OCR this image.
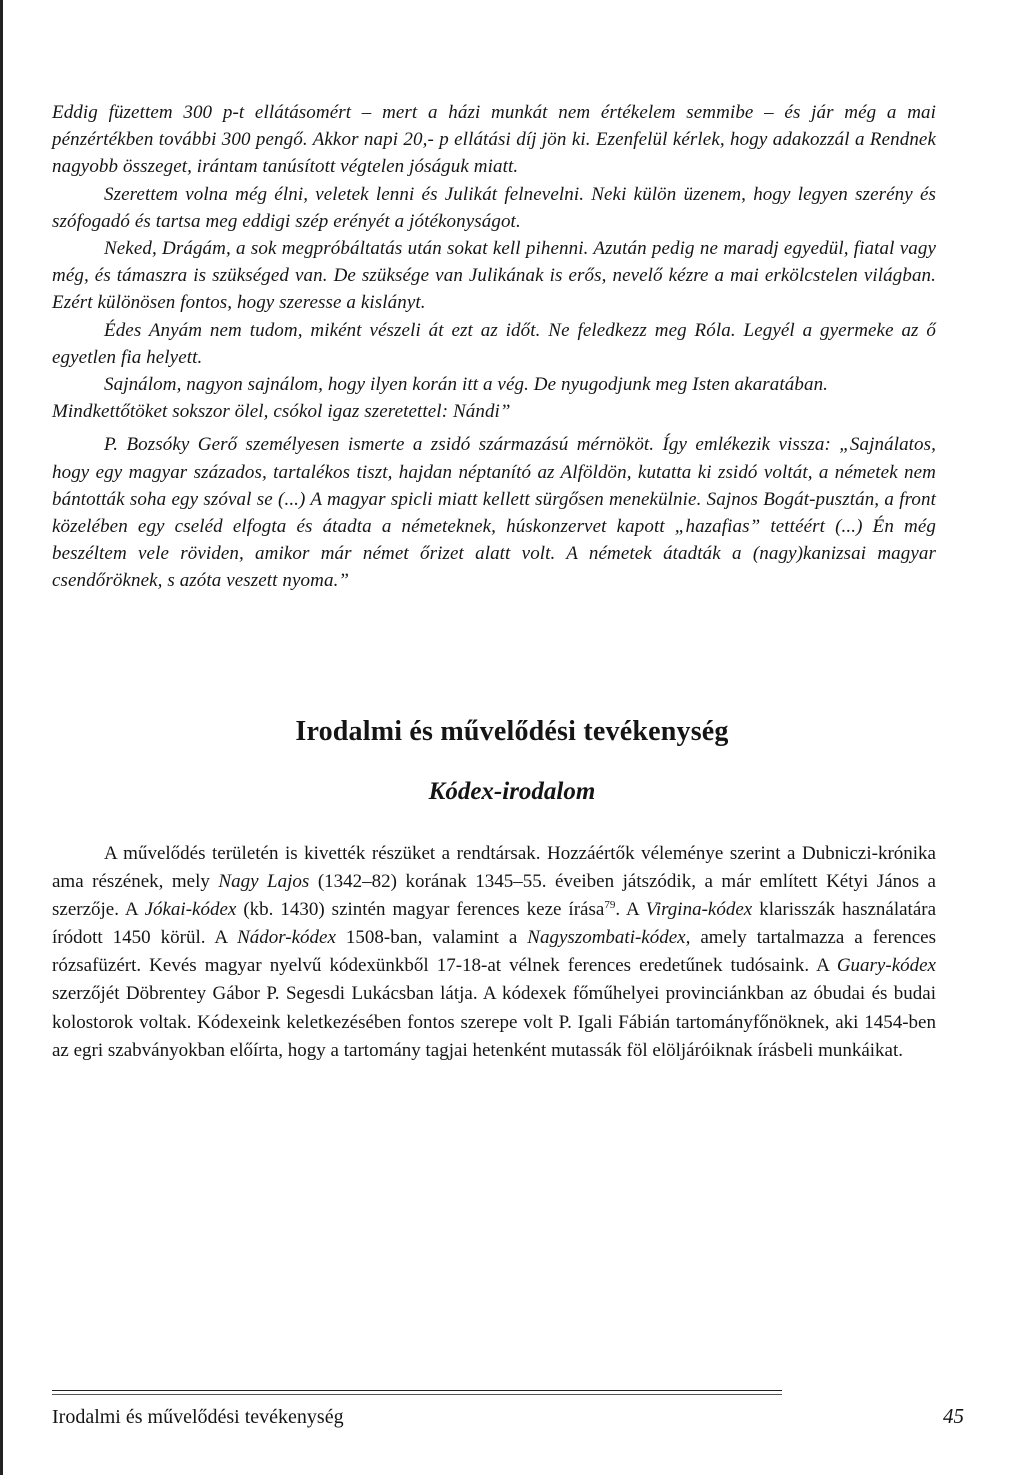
Eddig füzettem 300 p-t ellátásomért – mert a házi munkát nem értékelem semmibe – és jár még a mai pénzértékben további 300 pengő. Akkor napi 20,- p ellátási díj jön ki. Ezenfelül kérlek, hogy adakozzál a Rendnek nagyobb összeget, irántam tanúsított végtelen jóságuk miatt.

Szerettem volna még élni, veletek lenni és Julikát felnevelni. Neki külön üzenem, hogy legyen szerény és szófogadó és tartsa meg eddigi szép erényét a jótékonyságot.

Neked, Drágám, a sok megpróbáltatás után sokat kell pihenni. Azután pedig ne maradj egyedül, fiatal vagy még, és támaszra is szükséged van. De szüksége van Julikának is erős, nevelő kézre a mai erkölcstelen világban. Ezért különösen fontos, hogy szeresse a kislányt.

Édes Anyám nem tudom, miként vészeli át ezt az időt. Ne feledkezz meg Róla. Legyél a gyermeke az ő egyetlen fia helyett.

Sajnálom, nagyon sajnálom, hogy ilyen korán itt a vég. De nyugodjunk meg Isten akaratában.

Mindkettőtöket sokszor ölel, csókol igaz szeretettel: Nándi”

P. Bozsóky Gerő személyesen ismerte a zsidó származású mérnököt. Így emlékezik vissza: „Sajnálatos, hogy egy magyar százados, tartalékos tiszt, hajdan néptanító az Alföldön, kutatta ki zsidó voltát, a németek nem bántották soha egy szóval se (...) A magyar spicli miatt kellett sürgősen menekülnie. Sajnos Bogát-pusztán, a front közelében egy cseléd elfogta és átadta a németeknek, húskonzervet kapott „hazafias” tettéért (...) Én még beszéltem vele röviden, amikor már német őrizet alatt volt. A németek átadták a (nagy)kanizsai magyar csendőröknek, s azóta veszett nyoma.”

Irodalmi és művelődési tevékenység
Kódex-irodalom

A művelődés területén is kivették részüket a rendtársak. Hozzáértők véleménye szerint a Dubniczi-krónika ama részének, mely Nagy Lajos (1342–82) korának 1345–55. éveiben játszódik, a már említett Kétyi János a szerzője. A Jókai-kódex (kb. 1430) szintén magyar ferences keze írása$^{79}$. A Virgina-kódex klarisszák használatára íródott 1450 körül. A Nádor-kódex 1508-ban, valamint a Nagyszombati-kódex, amely tartalmazza a ferences rózsafüzért. Kevés magyar nyelvű kódexünkből 17-18-at vélnek ferences eredetűnek tudósaink. A Guary-kódex szerzőjét Döbrentey Gábor P. Segesdi Lukácsban látja. A kódexek főműhelyei provinciánkban az óbudai és budai kolostorok voltak. Kódexeink keletkezésében fontos szerepe volt P. Igali Fábián tartományfőnöknek, aki 1454-ben az egri szabványokban előírta, hogy a tartomány tagjai hetenként mutassák föl elöljáróiknak írásbeli munkáikat.

Irodalmi és művelődési tevékenység	45
